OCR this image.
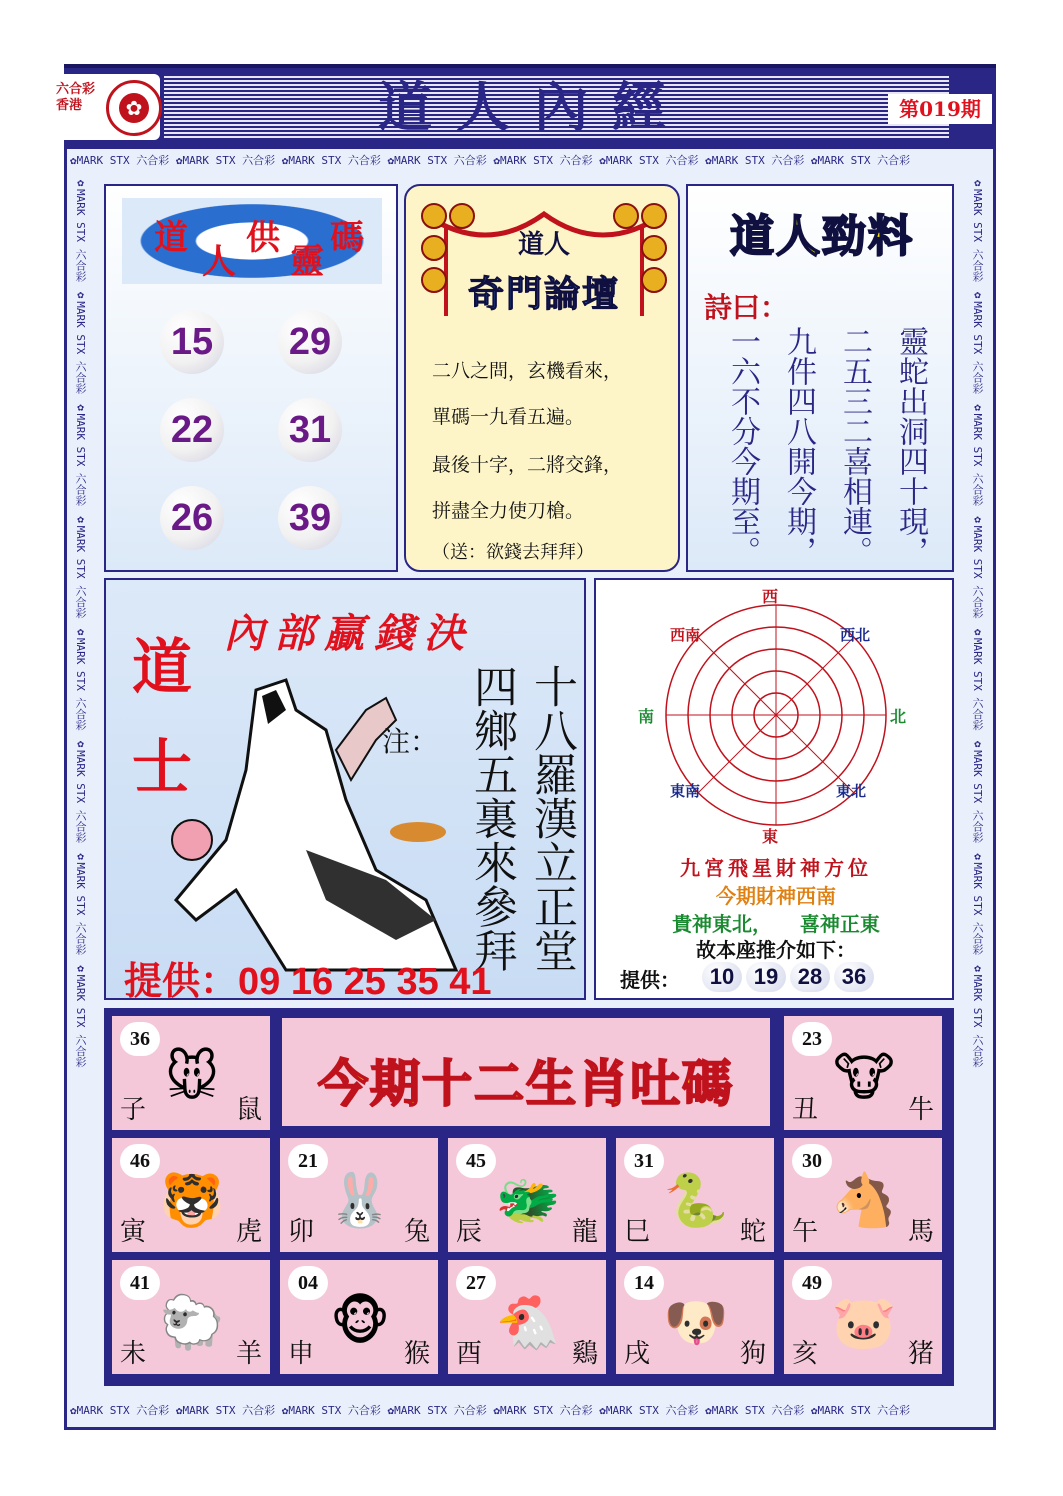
六合彩
香港	✿	道人內經	第019期
✿MARK STX 六合彩 ✿MARK STX 六合彩 ✿MARK STX 六合彩 ✿MARK STX 六合彩 ✿MARK STX 六合彩 ✿MARK STX 六合彩 ✿MARK STX 六合彩 ✿MARK STX 六合彩
✿MARK STX 六合彩 ✿MARK STX 六合彩 ✿MARK STX 六合彩 ✿MARK STX 六合彩 ✿MARK STX 六合彩 ✿MARK STX 六合彩 ✿MARK STX 六合彩 ✿MARK STX 六合彩
✿MARK STX 六合彩 ✿MARK STX 六合彩 ✿MARK STX 六合彩 ✿MARK STX 六合彩 ✿MARK STX 六合彩 ✿MARK STX 六合彩 ✿MARK STX 六合彩 ✿MARK STX 六合彩	✿MARK STX 六合彩 ✿MARK STX 六合彩 ✿MARK STX 六合彩 ✿MARK STX 六合彩 ✿MARK STX 六合彩 ✿MARK STX 六合彩 ✿MARK STX 六合彩 ✿MARK STX 六合彩
道
人
供
靈
碼
15 29
22 31
26 39
道人
奇門論壇
二八之問，玄機看來，
單碼一九看五遍。
最後十字，二將交鋒，
拼盡全力使刀槍。
（送：欲錢去拜拜）
道人勁料
詩曰：
靈蛇出洞四十現，
二五三二喜相連。
九件四八開今期，
一六不分今期至。
內部贏錢決
道
士	注： 十八羅漢立正堂
四鄉五裏來參拜
提供：09 16 25 35 41
西
東
南	北
西南	西北
東南	東北
九宮飛星財神方位
今期財神西南
貴神東北，    喜神正東
故本座推介如下：
提供：	10 19 28 36
今期十二生肖吐碼
36
🐭
子	鼠
23
🐮
丑	牛
46
🐯
寅	虎
21
🐰
卯	兔
45
🐲
辰	龍
31
🐍
巳	蛇
30
🐴
午	馬
41
🐑
未	羊
04
🐵
申	猴
27
🐔
酉	鷄
14
🐶
戌	狗
49
🐷
亥	猪
